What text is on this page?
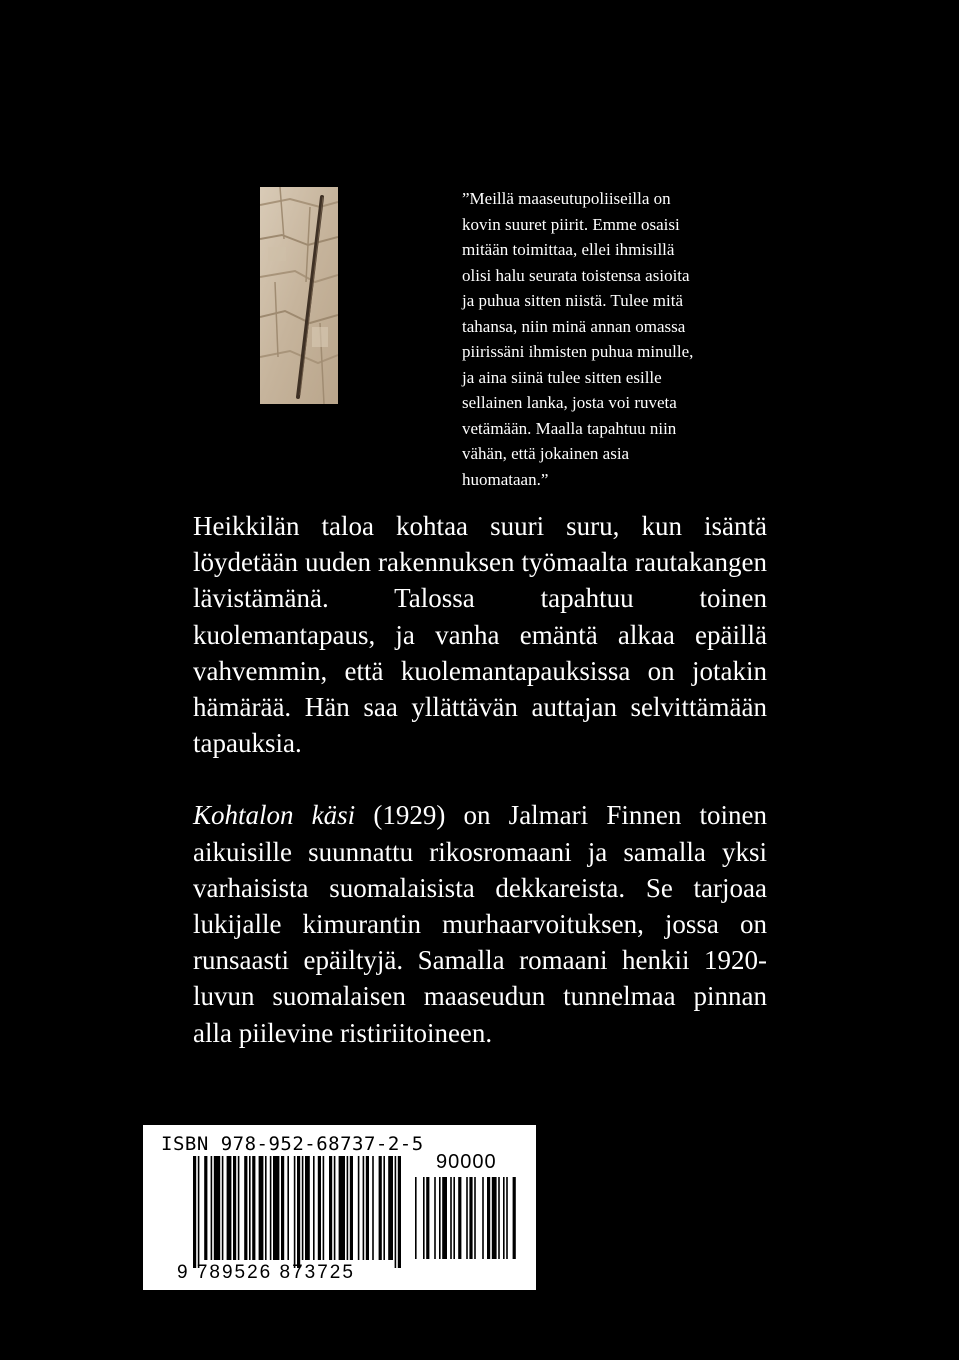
”Meillä maaseutupoliiseilla on

kovin suuret piirit. Emme osaisi

mitään toimittaa, ellei ihmisillä

olisi halu seurata toistensa asioita

ja puhua sitten niistä. Tulee mitä

tahansa, niin minä annan omassa

piirissäni ihmisten puhua minulle,

ja aina siinä tulee sitten esille

sellainen lanka, josta voi ruveta

vetämään. Maalla tapahtuu niin

vähän, että jokainen asia

huomataan.”

Heikkilän taloa kohtaa suuri suru, kun isäntä löydetään uuden rakennuksen työmaalta rautakangen lävistämänä. Talossa tapahtuu toinen kuolemantapaus, ja vanha emäntä alkaa epäillä vahvemmin, että kuolemantapauksissa on jotakin hämärää. Hän saa yllättävän auttajan selvittämään tapauksia.

Kohtalon käsi (1929) on Jalmari Finnen toinen aikuisille suunnattu rikosromaani ja samalla yksi varhaisista suomalaisista dekkareista. Se tarjoaa lukijalle kimurantin murhaarvoituksen, jossa on runsaasti epäiltyjä. Samalla romaani henkii 1920-luvun suomalaisen maaseudun tunnelmaa pinnan alla piilevine ristiriitoineen.

ISBN 978-952-68737-2-5
90000
9 789526 873725
